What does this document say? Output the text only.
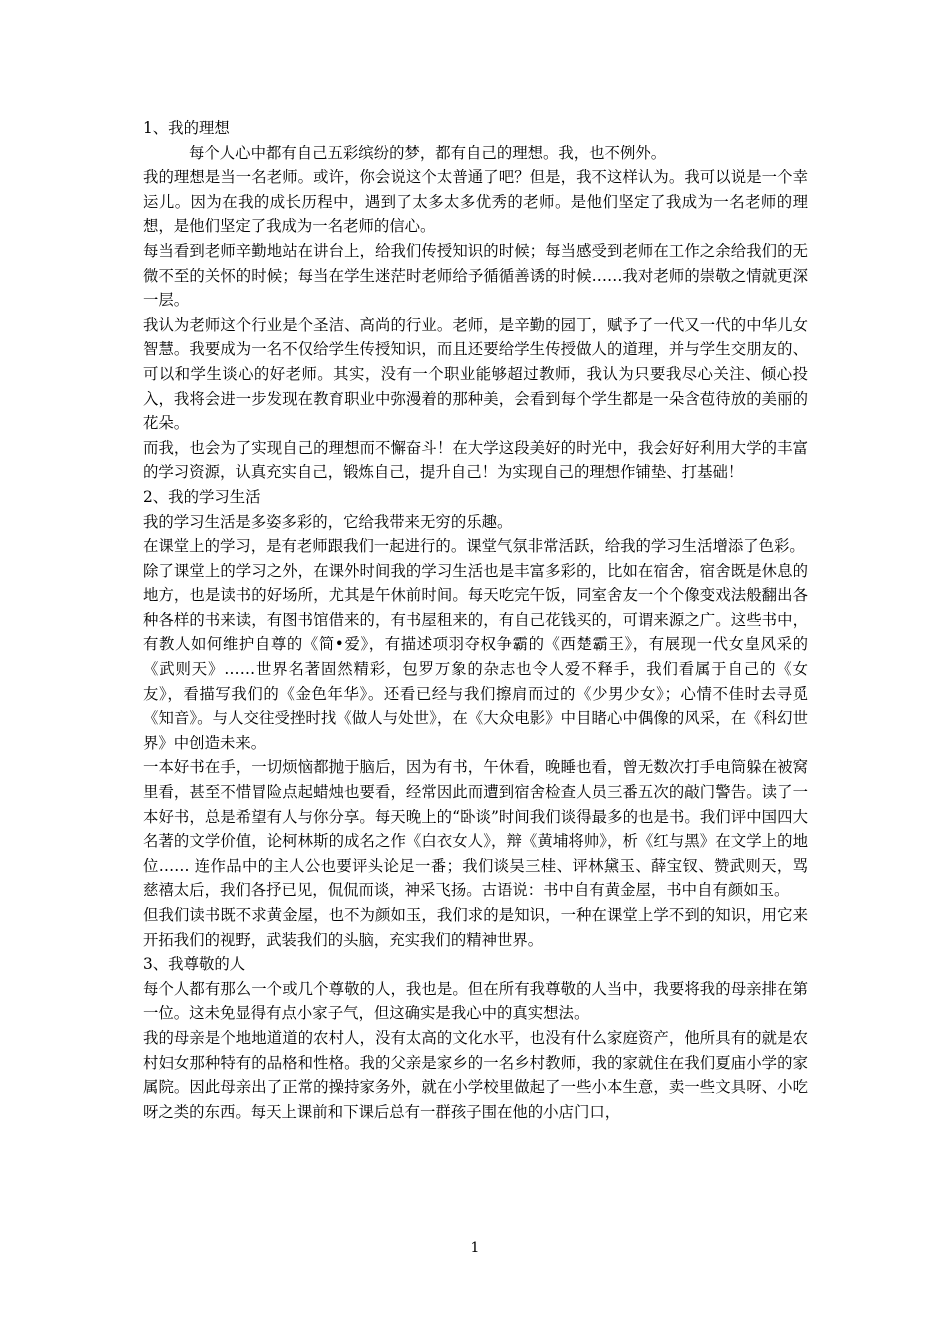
1、我的理想

每个人心中都有自己五彩缤纷的梦，都有自己的理想。我，也不例外。

我的理想是当一名老师。或许，你会说这个太普通了吧？但是，我不这样认为。我可以说是一个幸运儿。因为在我的成长历程中，遇到了太多太多优秀的老师。是他们坚定了我成为一名老师的理想，是他们坚定了我成为一名老师的信心。

每当看到老师辛勤地站在讲台上，给我们传授知识的时候；每当感受到老师在工作之余给我们的无微不至的关怀的时候；每当在学生迷茫时老师给予循循善诱的时候……我对老师的崇敬之情就更深一层。

我认为老师这个行业是个圣洁、高尚的行业。老师，是辛勤的园丁，赋予了一代又一代的中华儿女智慧。我要成为一名不仅给学生传授知识，而且还要给学生传授做人的道理，并与学生交朋友的、可以和学生谈心的好老师。其实，没有一个职业能够超过教师，我认为只要我尽心关注、倾心投入，我将会进一步发现在教育职业中弥漫着的那种美，会看到每个学生都是一朵含苞待放的美丽的花朵。

而我，也会为了实现自己的理想而不懈奋斗！在大学这段美好的时光中，我会好好利用大学的丰富的学习资源，认真充实自己，锻炼自己，提升自己！为实现自己的理想作铺垫、打基础！

2、我的学习生活

我的学习生活是多姿多彩的，它给我带来无穷的乐趣。

在课堂上的学习，是有老师跟我们一起进行的。课堂气氛非常活跃，给我的学习生活增添了色彩。

除了课堂上的学习之外，在课外时间我的学习生活也是丰富多彩的，比如在宿舍，宿舍既是休息的地方，也是读书的好场所，尤其是午休前时间。每天吃完午饭，同室舍友一个个像变戏法般翻出各种各样的书来读，有图书馆借来的，有书屋租来的，有自己花钱买的，可谓来源之广。这些书中，有教人如何维护自尊的《简•爱》，有描述项羽夺权争霸的《西楚霸王》，有展现一代女皇风采的《武则天》……世界名著固然精彩，包罗万象的杂志也令人爱不释手，我们看属于自己的《女友》，看描写我们的《金色年华》。还看已经与我们擦肩而过的《少男少女》；心情不佳时去寻觅《知音》。与人交往受挫时找《做人与处世》，在《大众电影》中目睹心中偶像的风采，在《科幻世界》中创造未来。

一本好书在手，一切烦恼都抛于脑后，因为有书，午休看，晚睡也看，曾无数次打手电筒躲在被窝里看，甚至不惜冒险点起蜡烛也要看，经常因此而遭到宿舍检查人员三番五次的敲门警告。读了一本好书，总是希望有人与你分享。每天晚上的“卧谈”时间我们谈得最多的也是书。我们评中国四大名著的文学价值，论柯林斯的成名之作《白衣女人》，辩《黄埔将帅》，析《红与黑》在文学上的地位…… 连作品中的主人公也要评头论足一番；我们谈吴三桂、评林黛玉、薛宝钗、赞武则天，骂慈禧太后，我们各抒已见，侃侃而谈，神采飞扬。古语说：书中自有黄金屋，书中自有颜如玉。

但我们读书既不求黄金屋，也不为颜如玉，我们求的是知识，一种在课堂上学不到的知识，用它来开拓我们的视野，武装我们的头脑，充实我们的精神世界。

3、我尊敬的人

每个人都有那么一个或几个尊敬的人，我也是。但在所有我尊敬的人当中，我要将我的母亲排在第一位。这未免显得有点小家子气，但这确实是我心中的真实想法。

我的母亲是个地地道道的农村人，没有太高的文化水平，也没有什么家庭资产，他所具有的就是农村妇女那种特有的品格和性格。我的父亲是家乡的一名乡村教师，我的家就住在我们夏庙小学的家属院。因此母亲出了正常的操持家务外，就在小学校里做起了一些小本生意，卖一些文具呀、小吃呀之类的东西。每天上课前和下课后总有一群孩子围在他的小店门口，

1
